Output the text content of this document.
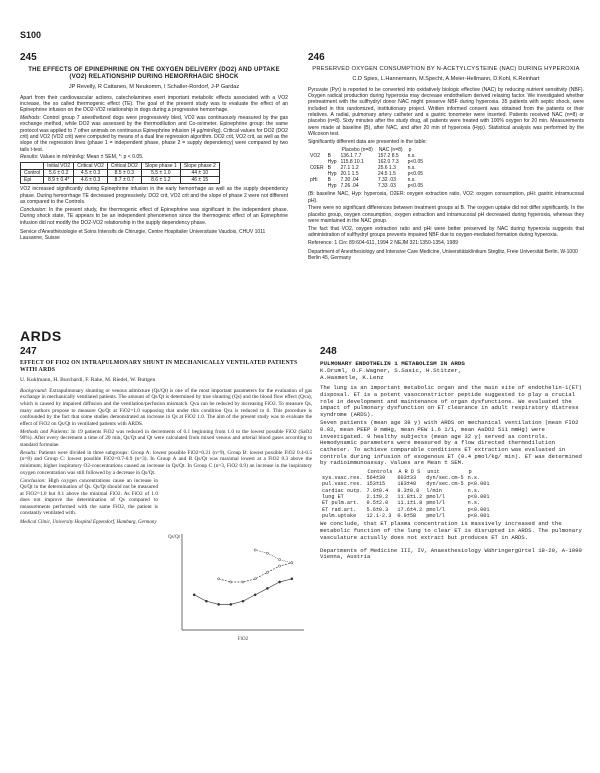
S100
245
THE EFFECTS OF EPINEPHRINE ON THE OXYGEN DELIVERY (DO2) AND UPTAKE (VO2) RELATIONSHIP DURING HEMORRHAGIC SHOCK
JP Revelly, R Cattaneo, M Neukomm, I Schaller-Rordorf, J-P Gardaz

Apart from their cardiovascular actions, catecholamines exert important metabolic effects associated with a VO2 increase, the so called thermogenic effect (TE). The goal of the present study was to evaluate the effect of an Epinephrine infusion on the DO2-VO2 relationship in dogs during a progressive hemorrhage.

Methods: Control group 7 anesthetized dogs were progressively bled, VO2 was continuously measured by the gas exchange method, while DO2 was assessed by the thermodilution and Co-oximeter. Epinephrine group: the same protocol was applied to 7 other animals on continuous Epinephrine infusion (4 µg/min/kg). Critical values for DO2 (DO2 crit) and VO2 (VO2 crit) were computed by means of a dual line regression algorithm. DO2 crit, VO2 crit, as well as the slope of the regression lines (phase 1 = independent phase, phase 2 = supply dependency) were compared by two tails t-test.

Results: Values in ml/min/kg: Mean ± SEM, *: p < 0.05.

	Initial VO2	Critical VO2	Critical DO2	Slope phase 1	Slope phase 2
Control	5.6 ± 0.2	4.5 ± 0.3	8.5 ± 0.3	5.5 ± 1.0	44 ± 10
Epi	8.9 ± 0.4*	4.6 ± 0.3	8.7 ± 0.7	8.6 ± 1.2	46 ± 15

VO2 increased significantly during Epinephrine infusion in the early hemorrhage as well as the supply dependency phase. During hemorrhage TE decreased progressively. DO2 crit, VO2 crit and the slope of phase 2 were not different as compared to the Controls.

Conclusion: In the present study, the thermogenic effect of Epinephrine was significant in the independent phase. During shock state, TE appears to be an independent phenomenon since the thermogenic effect of an Epinephrine infusion did not modify the DO2-VO2 relationship in the supply dependency phase.

Service d'Anesthésiologie et Soins Intensifs de Chirurgie, Centre Hospitalier Universitaire Vaudois, CHUV 1011 Lausanne, Suisse
246
PRESERVED OXYGEN CONSUMPTION BY N-ACETYLCYSTEINE (NAC) DURING HYPEROXIA
C.D Spies, L.Hannemann, M.Specht, A.Meier-Hellmann, D.Kohl, K.Reinhart

Pyruvate (Pyr) is reported to be converted into oxidatively biologic effective (NAC) by reducing nutrient sensitivity (NBF). Oxygen radical production during hyperoxia may decrease endothelium derived relaxing factor. We investigated whether pretreatment with the sulfhydryl donor NAC might preserve NBF during hyperoxia. 35 patients with septic shock, were included in this randomized, institutionary project. Written informed consent was obtained from the patients or their relatives. A radial, pulmonary artery catheter and a gastric tonometer were inserted. Patients received NAC (n=8) or placebo (n=8). Sixty minutes after the study drug, all patients were treated with 100% oxygen for 20 min. Measurements were made at baseline (B), after NAC, and after 20 min of hyperoxia (Hyp). Statistical analysis was performed by the Wilcoxon test.

Significantly different data are presented in the table:

		Placebo (n=8)	NAC (n=8)	p
VO2	B	136.1 7.7	157.2 8.5	n.s.
	Hyp	115.8 10.1	162.0 7.3	p<0.05
O2ER	B	27.1 1.2	25.6 1.3	n.s.
	Hyp	20.1 1.5	24.5 1.5	p<0.05
pHi	B	7.30 .04	7.32 .03	n.s.
	Hyp	7.26 .04	7.33 .03	p<0.05

(B: baseline NAC, Hyp: hyperoxia, O2ER: oxygen extraction ratio, VO2: oxygen consumption, pHi: gastric intramucosal pH).

There were no significant differences between treatment groups at B. The oxygen uptake did not differ significantly. In the placebo group, oxygen consumption, oxygen extraction and intramucosal pH decreased during hyperoxia, whereas they were maintained in the NAC group.

The fact that VO2, oxygen extraction ratio and pHi were better preserved by NAC during hyperoxia suggests that administration of sulfhydryl groups prevents impaired NBF due to oxygen-mediated formation during hyperoxia.

Reference: 1 Circ 89:604-611, 1994 2 NEJM 321:1350-1354, 1989

Department of Anesthesiology and Intensive Care Medicine, Universitätsklinikum Steglitz, Freie Universität Berlin, W-1000 Berlin 45, Germany
ARDS
247
EFFECT OF FIO2 ON INTRAPULMONARY SHUNT IN MECHANICALLY VENTILATED PATIENTS WITH ARDS
U. Kuhlmann, H. Burchardi, F. Rahe, M. Riedel, W. Buttgen

Background: Extrapulmonary shunting or venous admixture (Qs/Qt) is one of the most important parameters for the evaluation of gas exchange in mechanically ventilated patients. The amount of Qs/Qt is determined by true shunting (Qs) and the blood flow effect (Qva), which is caused by impaired diffusion and the ventilation/perfusion mismatch. Qva can be reduced by increasing FiO2. To measure Qs, many authors propose to measure Qs/Qt at FiO2=1.0 supposing that under this condition Qva is reduced to 0. This procedure is confounded by the fact that some studies demonstrated an increase in Qs at FiO2 1.0. The aim of the present study was to evaluate the effect of FiO2 on Qs/Qt in ventilated patients with ARDS.

Methods and Patients: In 19 patients FiO2 was reduced in decrements of 0.1 beginning from 1.0 to the lowest possible FiO2 (SaO2 90%). After every decrement a time of 20 min, Qs/Qt and Qt were calculated from mixed venous and arterial blood gases according to standard formulae.

Results: Patients were divided in three subgroups: Group A: lowest possible FiO2=0.21 (n=9), Group B: lowest possible FiO2 0.4-0.5 (n=8) and Group C: lowest possible FiO2=0.7-0.9 (n=3). In Group A and B Qs/Qt was maximal lowest at a FiO2 0.3 above the minimum; higher inspiratory O2-concentrations caused an increase in Qs/Qt. In Group C (n=3, FiO2 0.9) an increase in the inspiratory oxygen concentration was still followed by a decrease in Qs/Qt.

Conclusion: High oxygen concentrations cause an increase in Qs/Qt in the determination of Qs. Qs/Qt should not be measured at FiO2=1.0 but 0.1 above the minimal FiO2. As FiO2 of 1.0 does not improve the determination of Qs compared to measurements performed with the same FiO2, the patient is constantly ventilated with.

Medical Clinic, University Hospital Eppendorf, Hamburg, Germany
Qs/Qt
FiO2
248
PULMONARY ENDOTHELIN 1 METABOLISM IN ARDS
K.Druml, O.F.Wagner, S.Sasic, H.Stitzer,
A.Hasmetle, K.Lenz

The lung is an important metabolic organ and the main site of endothelin-1(ET) disposal. ET is a potent vasoconstrictor peptide suggested to play a crucial role in development and maintenance of organ dysfunctions. We evaluated the impact of pulmonary dysfunction on ET clearance in adult respiratory distress syndrome (ARDS).

Seven patients (mean age 38 y) with ARDS on mechanical ventilation (mean FIO2 0.92, mean PEEP 9 mmHg, mean PEW 1.6 1/1, mean AaDO2 511 mmHg) were investigated. 9 healthy subjects (mean age 32 y) served as controls. Hemodynamic parameters were measured by a flow directed thermodilution catheter. To achieve comparable conditions ET extraction was evaluated in controls during infusion of exogenous ET (0.4 pmol/kg/ min). ET was determined by radioimmunoassay. Values are Mean ± SEM.

	Controls	A R D S	unit	p
sys.vasc.res.	564±39	603±33	dyn/sec.cm-5	n.s.
pul.vasc.res.	153±15	183±48	dyn/sec.cm-5	p<0.001
cardiac outp.	7.0±0.4	8.3±0.8	l/min	n.s.
lung ET	2.1±0.2	11.8±1.2	pmol/l	p<0.001
ET pulm.art.	9.5±2.0	11.1±1.8	pmol/l	n.s.
ET rad.art.	5.6±0.3	17.6±4.2	pmol/l	p<0.001
pulm.uptake	12.1-2.3	0.9±58	pmol/l	p<0.001

We conclude, that ET plasma concentration is massively increased and the metabolic function of the lung to clear ET is disrupted in ARDS. The pulmonary vasculature actually does not extract but produces ET in ARDS.

Departments of Medicine III, IV, Anaesthesiology Währingergürtel 18-20, A-1090 Vienna, Austria
